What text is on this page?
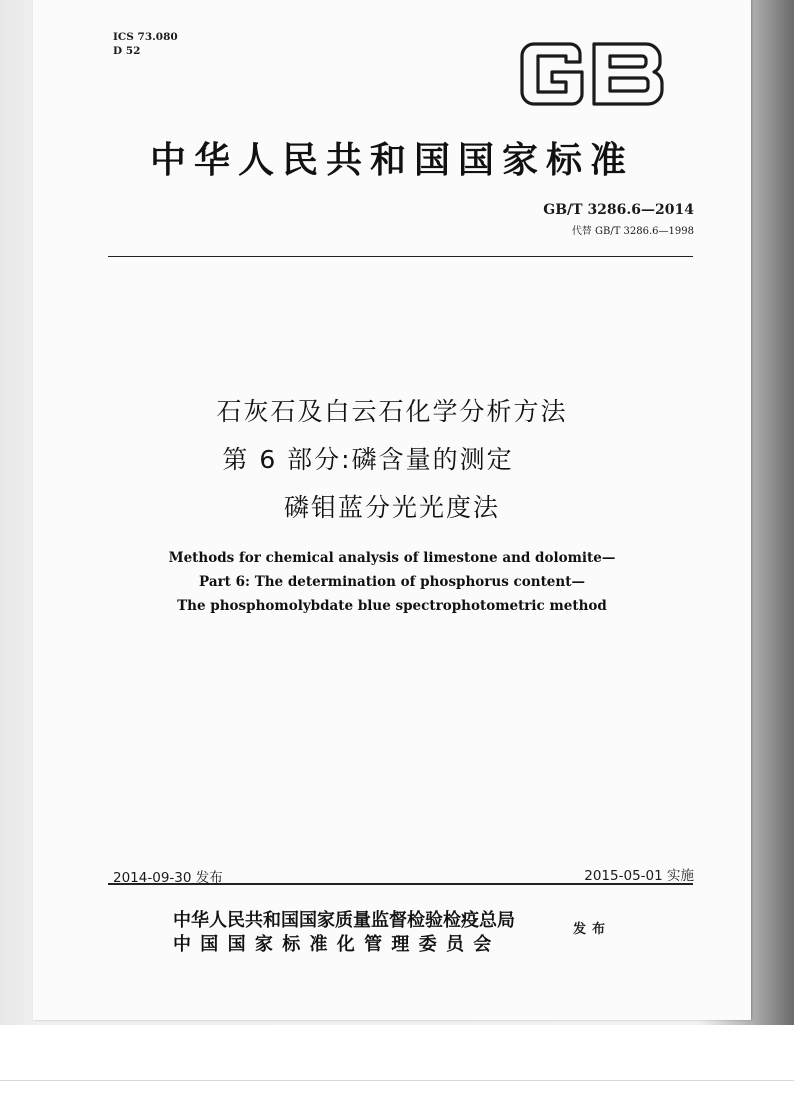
ICS 73.080
D 52
中华人民共和国国家标准
GB/T 3286.6—2014
代替 GB/T 3286.6—1998
石灰石及白云石化学分析方法
第 6 部分:磷含量的测定
磷钼蓝分光光度法
Methods for chemical analysis of limestone and dolomite—
Part 6: The determination of phosphorus content—
The phosphomolybdate blue spectrophotometric method
2014-09-30 发布	2015-05-01 实施
中华人民共和国国家质量监督检验检疫总局
中国国家标准化管理委员会
发布
